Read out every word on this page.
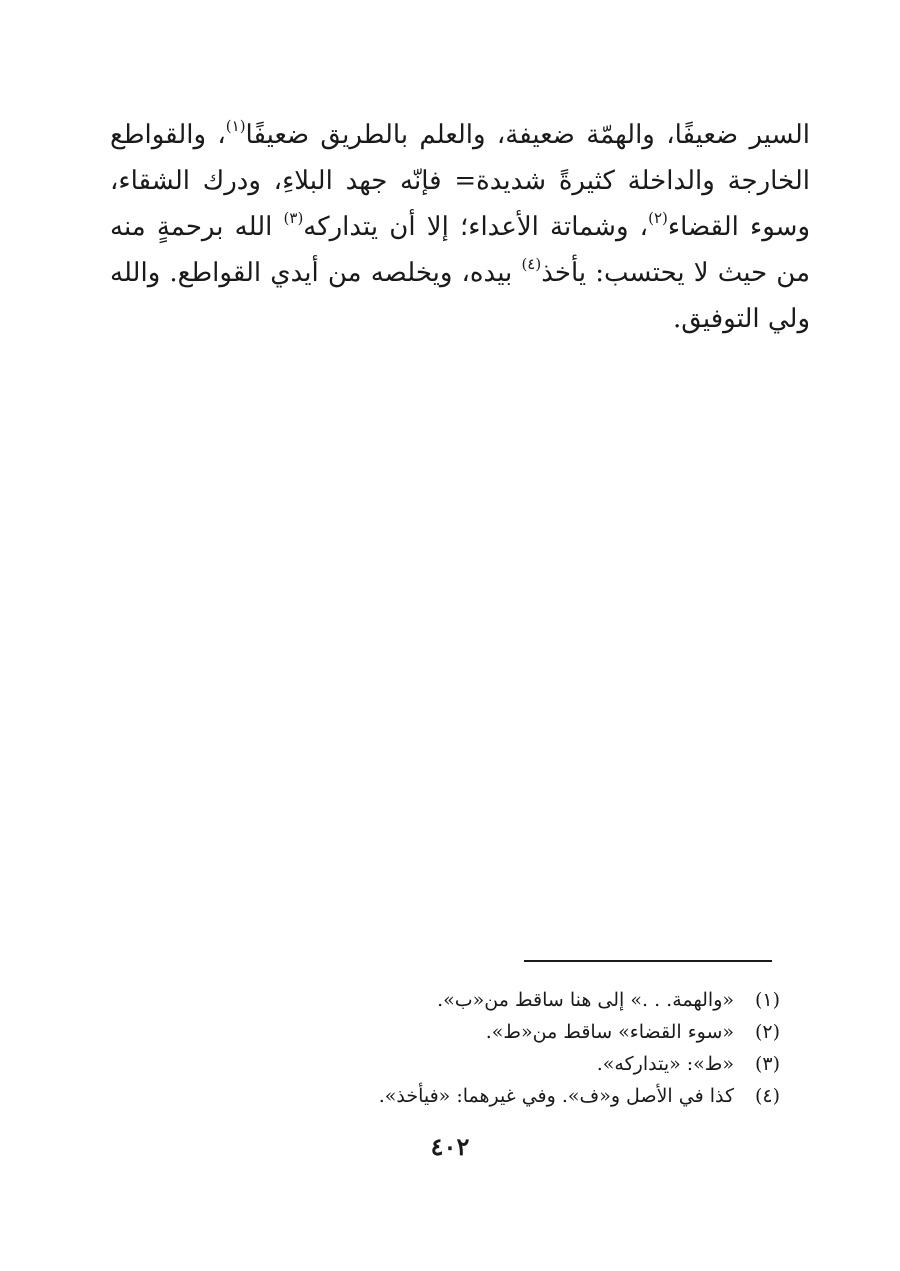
السير ضعيفًا، والهمّة ضعيفة، والعلم بالطريق ضعيفًا$^{(١)}$، والقواطع الخارجة والداخلة كثيرةً شديدة= فإنّه جهد البلاءِ، ودرك الشقاء، وسوء القضاء$^{(٢)}$، وشماتة الأعداء؛ إلا أن يتداركه$^{(٣)}$ الله برحمةٍ منه من حيث لا يحتسب: يأخذ$^{(٤)}$ بيده، ويخلصه من أيدي القواطع. والله ولي التوفيق.

(١)
«والهمة. . .» إلى هنا ساقط من«ب».
(٢)
«سوء القضاء» ساقط من«ط».
(٣)
«ط»: «يتداركه».
(٤)
كذا في الأصل و«ف». وفي غيرهما: «فيأخذ».
٤٠٢
